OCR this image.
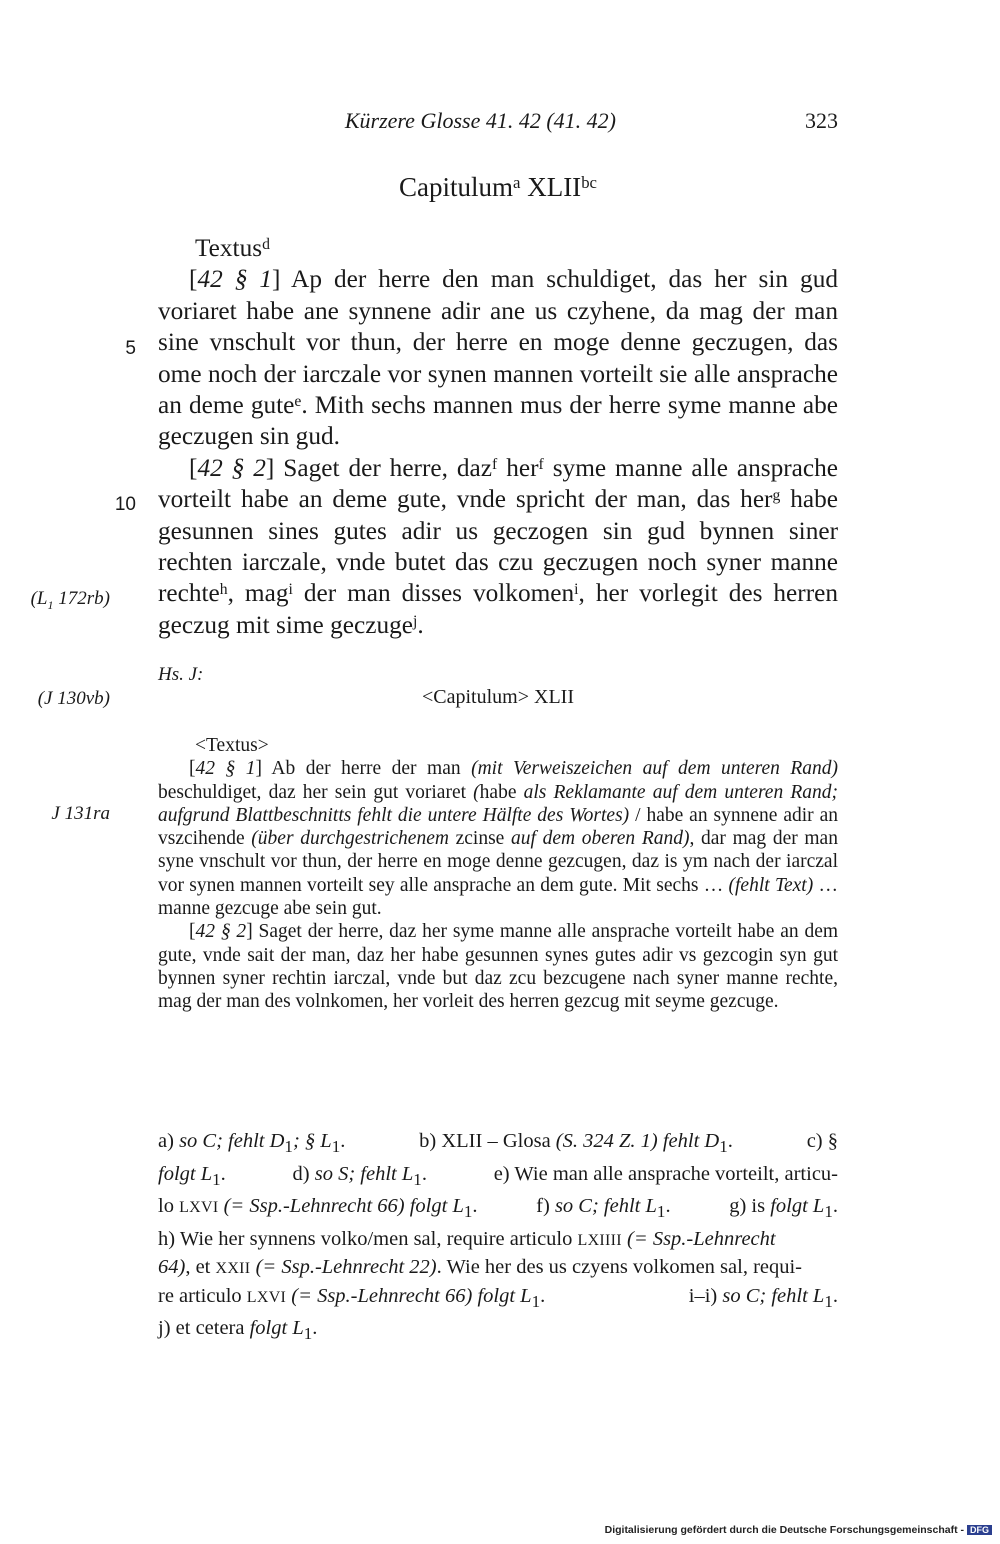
Kürzere Glosse 41. 42 (41. 42)	323
Capitulum$^a$ $XLII^{bc}$
Textus$^d$

[42 § 1] Ap der herre den man schuldiget, das her sin gud voriaret habe ane synnene adir ane us czyhene, da mag der man sine vnschult vor thun, der herre en moge denne geczugen, das ome noch der iarczale vor synen mannen vorteilt sie alle ansprache an deme gute$^e$. Mith sechs mannen mus der herre syme manne abe geczugen sin gud.

[42 § 2] Saget der herre, daz$^f$ her$^f$ syme manne alle ansprache vorteilt habe an deme gute, vnde spricht der man, das her$^g$ habe gesunnen sines gutes adir us geczogen sin gud bynnen siner rechten iarczale, vnde butet das czu geczugen noch syner manne rechte$^h$, mag$^i$ der man disses volkomen$^i$, her vorlegit des herren geczug mit sime geczuge$^j$.

5
10
($L_1$ 172rb)
(J 130vb)
J 131ra
Hs. J:
<Capitulum> XLII
<Textus>

[42 § 1] Ab der herre der man (mit Verweiszeichen auf dem unteren Rand) beschuldiget, daz her sein gut voriaret (habe als Reklamante auf dem unteren Rand; aufgrund Blattbeschnitts fehlt die untere Hälfte des Wortes) / habe an synnene adir an vszcihende (über durchgestrichenem zcinse auf dem oberen Rand), dar mag der man syne vnschult vor thun, der herre en moge denne gezcugen, daz is ym nach der iarczal vor synen mannen vorteilt sey alle ansprache an dem gute. Mit sechs … (fehlt Text) … manne gezcuge abe sein gut.

[42 § 2] Saget der herre, daz her syme manne alle ansprache vorteilt habe an dem gute, vnde sait der man, daz her habe gesunnen synes gutes adir vs gezcogin syn gut bynnen syner rechtin iarczal, vnde but daz zcu bezcugene nach syner manne rechte, mag der man des volnkomen, her vorleit des herren gezcug mit seyme gezcuge.

a) so C; fehlt $D_1$; § $L_1$.	b) XLII – Glosa (S. 324 Z. 1) fehlt $D_1$.	c) §
folgt $L_1$.	d) so S; fehlt $L_1$.	e) Wie man alle ansprache vorteilt, articu-
lo LXVI (= Ssp.-Lehnrecht 66) folgt $L_1$.	f) so C; fehlt $L_1$.	g) is folgt $L_1$.
h) Wie her synnens volko/men sal, require articulo LXIIII (= Ssp.-Lehnrecht
64), et XXII (= Ssp.-Lehnrecht 22). Wie her des us czyens volkomen sal, requi-
re articulo LXVI (= Ssp.-Lehnrecht 66) folgt $L_1$.	i–i) so C; fehlt $L_1$.
j) et cetera folgt $L_1$.
Digitalisierung gefördert durch die Deutsche Forschungsgemeinschaft - DFG
